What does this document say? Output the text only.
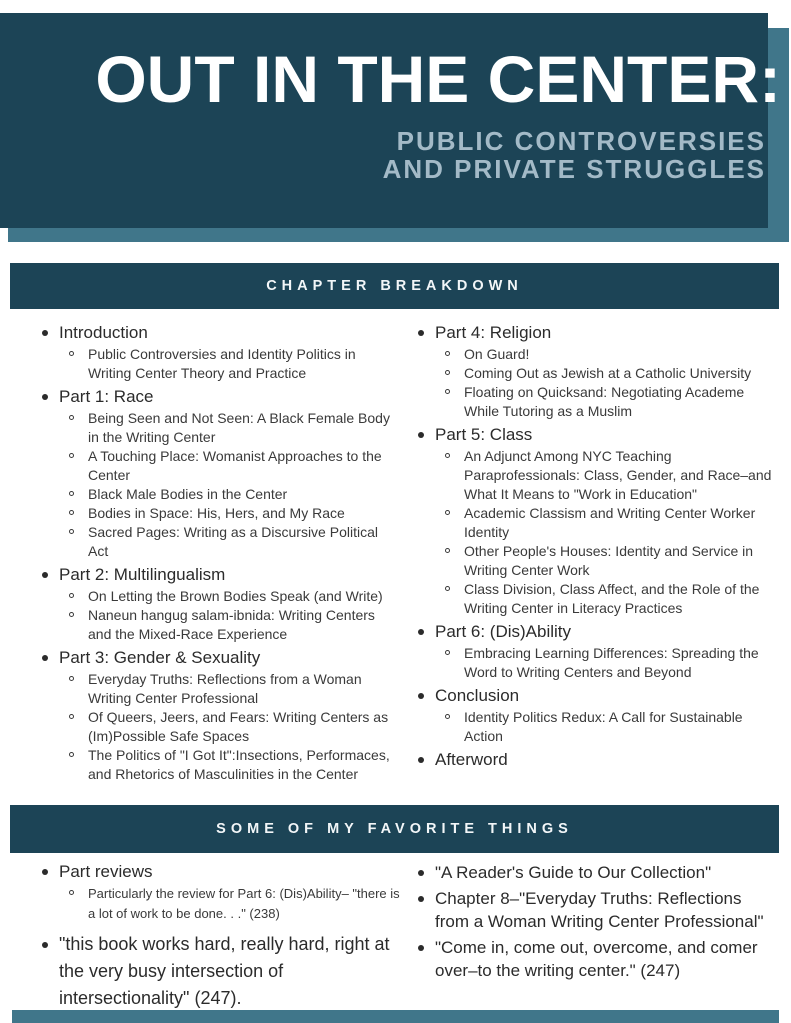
OUT IN THE CENTER:
PUBLIC CONTROVERSIES
AND PRIVATE STRUGGLES
CHAPTER BREAKDOWN
Introduction
Public Controversies and Identity Politics in Writing Center Theory and Practice
Part 1: Race
Being Seen and Not Seen: A Black Female Body in the Writing Center
A Touching Place: Womanist Approaches to the Center
Black Male Bodies in the Center
Bodies in Space: His, Hers, and My Race
Sacred Pages: Writing as a Discursive Political Act
Part 2: Multilingualism
On Letting the Brown Bodies Speak (and Write)
Naneun hangug salam-ibnida: Writing Centers and the Mixed-Race Experience
Part 3: Gender & Sexuality
Everyday Truths: Reflections from a Woman Writing Center Professional
Of Queers, Jeers, and Fears: Writing Centers as (Im)Possible Safe Spaces
The Politics of "I Got It":Insections, Performaces, and Rhetorics of Masculinities in the Center
Part 4: Religion
On Guard!
Coming Out as Jewish at a Catholic University
Floating on Quicksand: Negotiating Academe While Tutoring as a Muslim
Part 5: Class
An Adjunct Among NYC Teaching Paraprofessionals: Class, Gender, and Race–and What It Means to "Work in Education"
Academic Classism and Writing Center Worker Identity
Other People's Houses: Identity and Service in Writing Center Work
Class Division, Class Affect, and the Role of the Writing Center in Literacy Practices
Part 6: (Dis)Ability
Embracing Learning Differences: Spreading the Word to Writing Centers and Beyond
Conclusion
Identity Politics Redux: A Call for Sustainable Action
Afterword
SOME OF MY FAVORITE THINGS
Part reviews
Particularly the review for Part 6: (Dis)Ability– "there is a lot of work to be done. . ." (238)
"this book works hard, really hard, right at the very busy intersection of intersectionality" (247).
"A Reader's Guide to Our Collection"
Chapter 8–"Everyday Truths: Reflections from a Woman Writing Center Professional"
"Come in, come out, overcome, and comer over–to the writing center." (247)
